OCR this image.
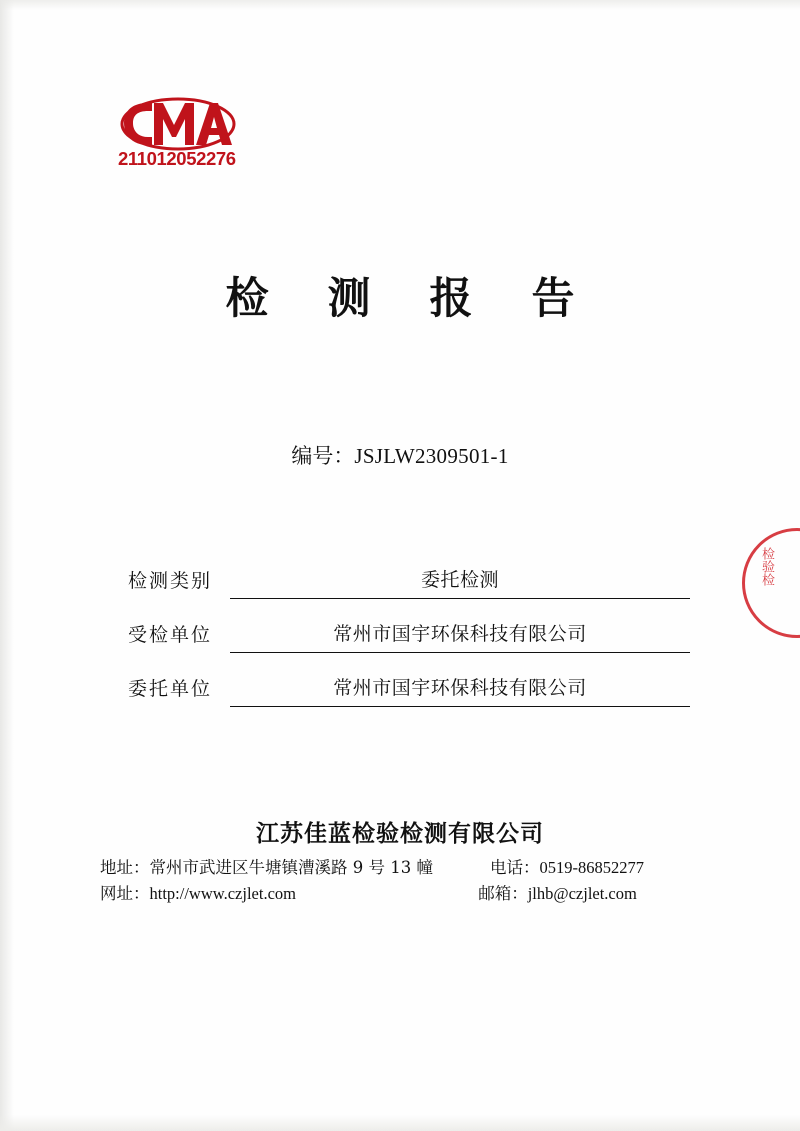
211012052276
检 测 报 告
编号：JSJLW2309501-1
检测类别	委托检测
受检单位	常州市国宇环保科技有限公司
委托单位	常州市国宇环保科技有限公司
检验检
江苏佳蓝检验检测有限公司
地址：常州市武进区牛塘镇漕溪路 9 号 13 幢	电话：0519-86852277
网址：http://www.czjlet.com	邮箱：jlhb@czjlet.com
